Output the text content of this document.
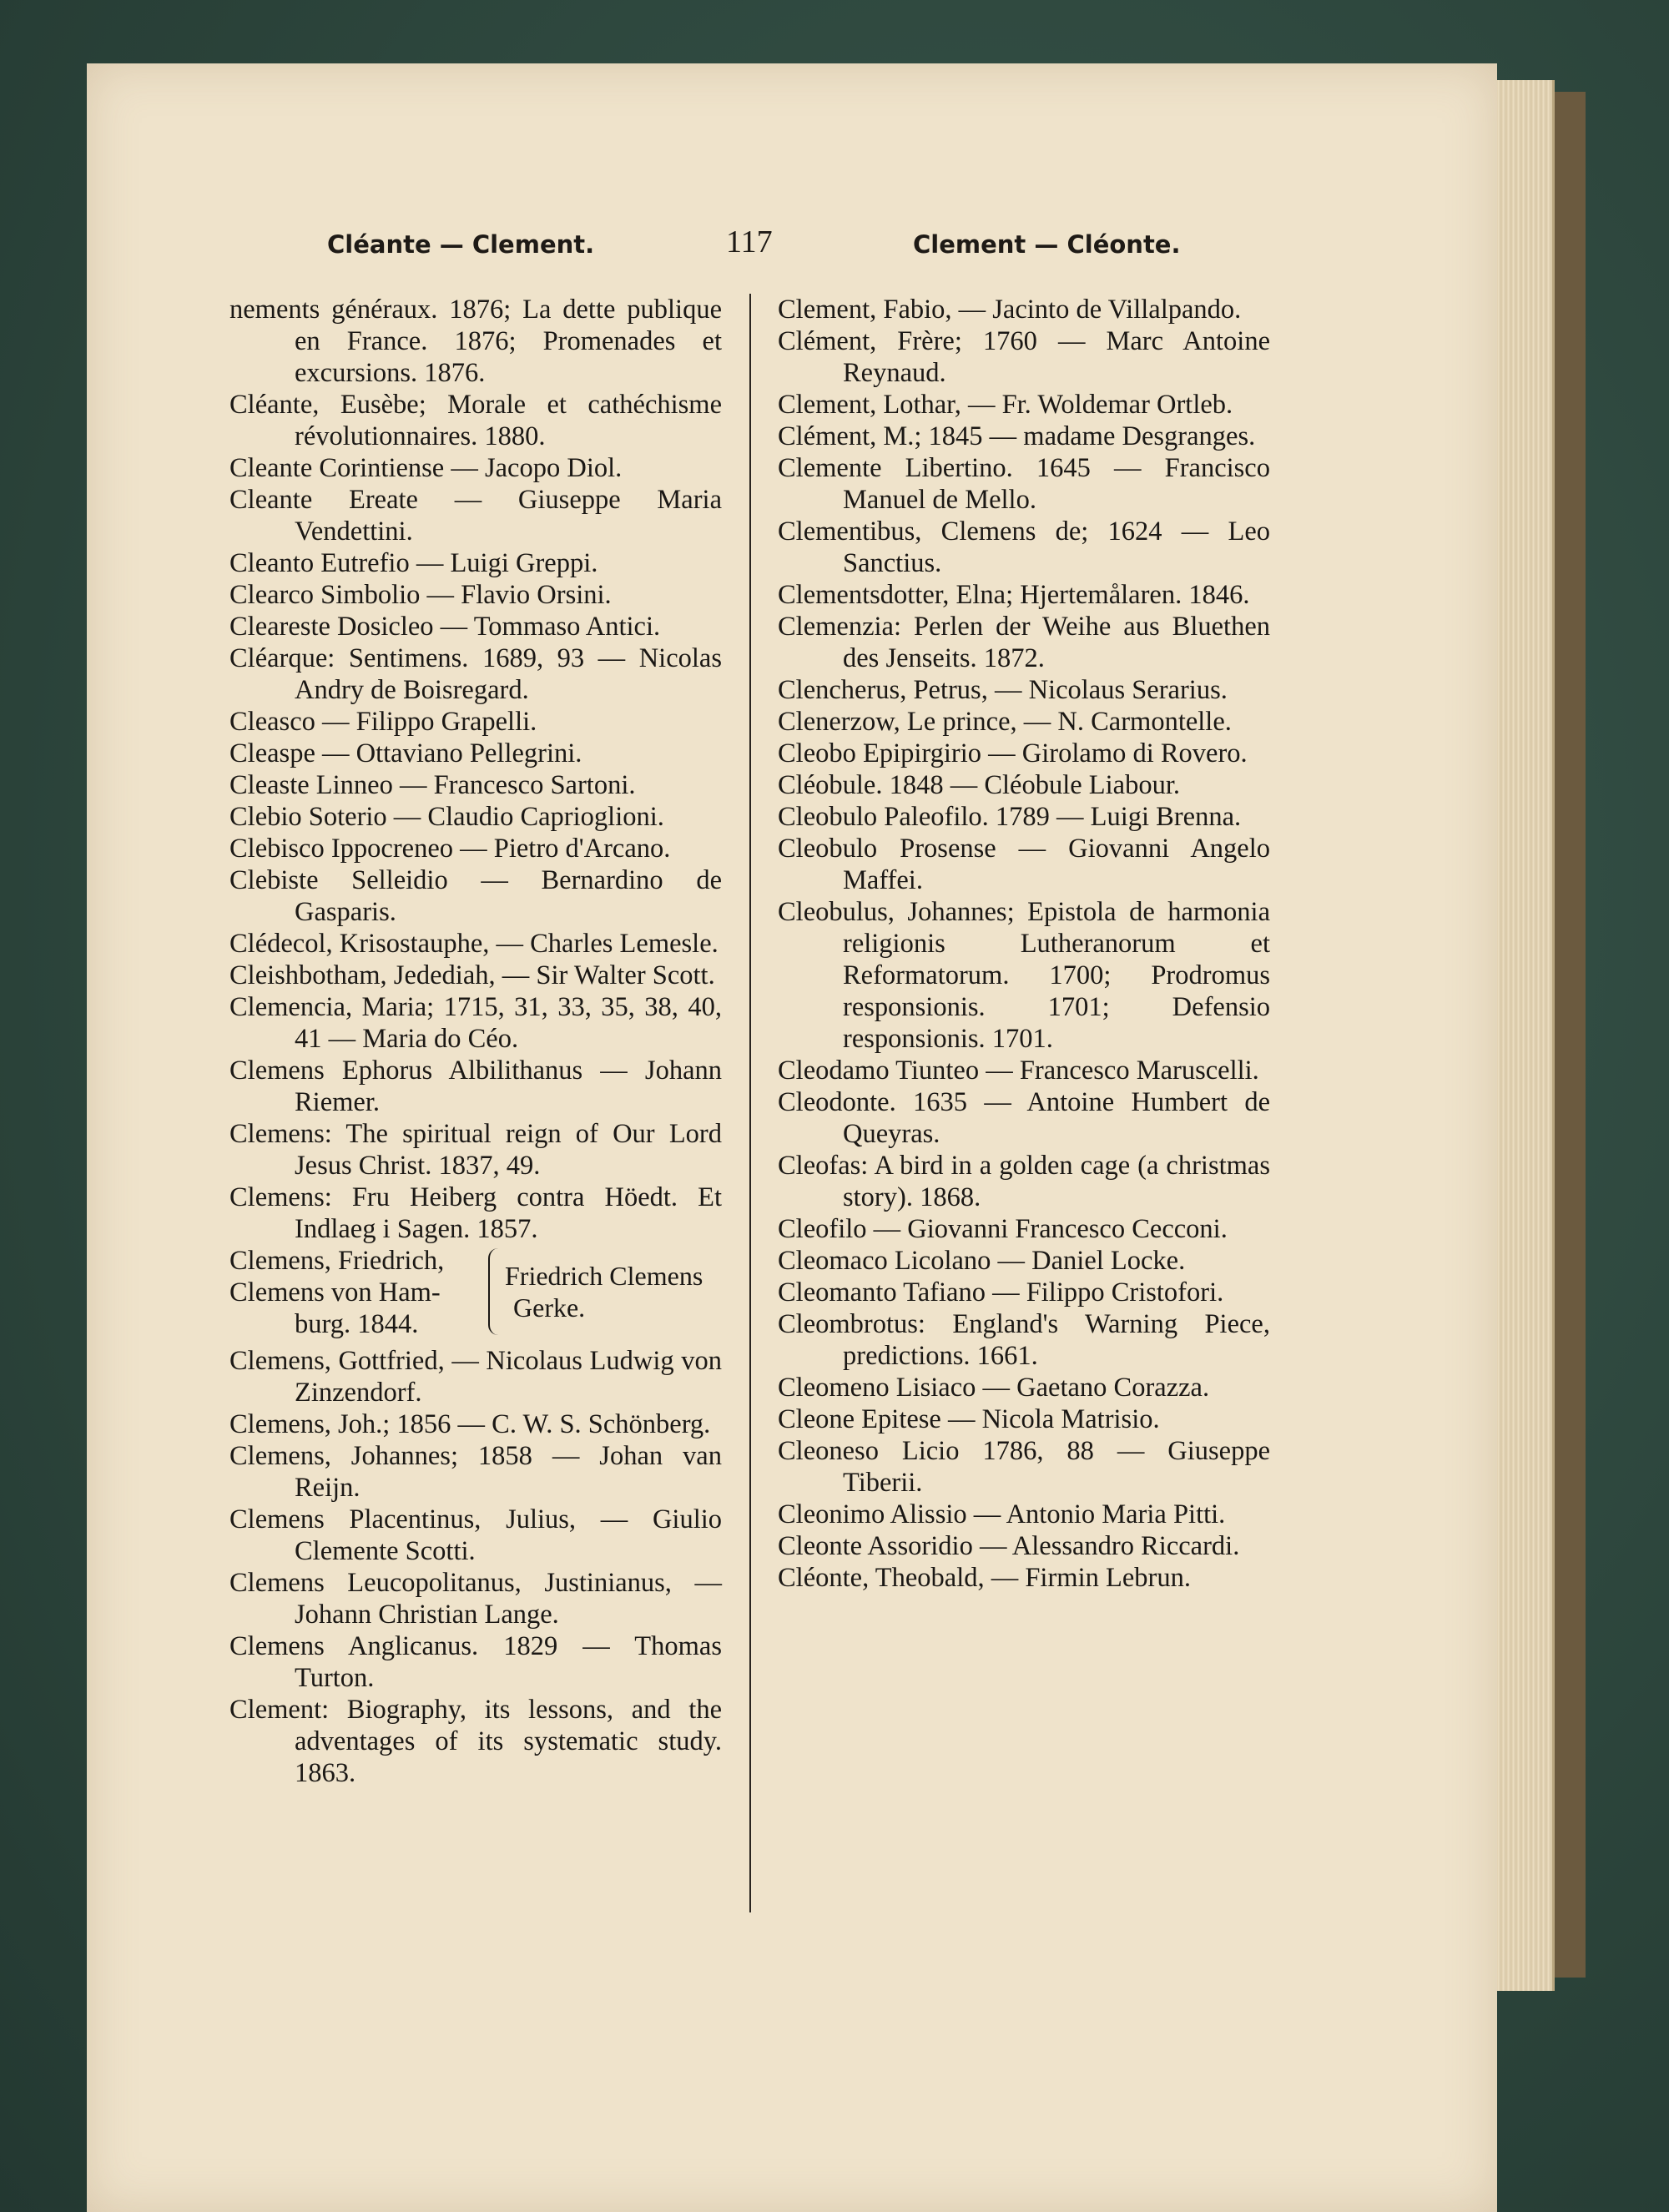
Cléante — Clement.	117	Clement — Cléonte.

nements généraux. 1876; La dette publique en France. 1876; Promenades et excursions. 1876.

Cléante, Eusèbe; Morale et cathéchisme révolutionnaires. 1880.

Cleante Corintiense — Jacopo Diol.

Cleante Ereate — Giuseppe Maria Vendettini.

Cleanto Eutrefio — Luigi Greppi.

Clearco Simbolio — Flavio Orsini.

Cleareste Dosicleo — Tommaso Antici.

Cléarque: Sentimens. 1689, 93 — Nicolas Andry de Boisregard.

Cleasco — Filippo Grapelli.

Cleaspe — Ottaviano Pellegrini.

Cleaste Linneo — Francesco Sartoni.

Clebio Soterio — Claudio Caprioglioni.

Clebisco Ippocreneo — Pietro d'Arcano.

Clebiste Selleidio — Bernardino de Gasparis.

Clédecol, Krisostauphe, — Charles Lemesle.

Cleishbotham, Jedediah, — Sir Walter Scott.

Clemencia, Maria; 1715, 31, 33, 35, 38, 40, 41 — Maria do Céo.

Clemens Ephorus Albilithanus — Johann Riemer.

Clemens: The spiritual reign of Our Lord Jesus Christ. 1837, 49.

Clemens: Fru Heiberg contra Höedt. Et Indlaeg i Sagen. 1857.

Clemens, Friedrich,
Clemens von Ham-
burg. 1844.
Friedrich Clemens
Gerke.

Clemens, Gottfried, — Nicolaus Ludwig von Zinzendorf.

Clemens, Joh.; 1856 — C. W. S. Schönberg.

Clemens, Johannes; 1858 — Johan van Reijn.

Clemens Placentinus, Julius, — Giulio Clemente Scotti.

Clemens Leucopolitanus, Justinianus, — Johann Christian Lange.

Clemens Anglicanus. 1829 — Thomas Turton.

Clement: Biography, its lessons, and the adventages of its systematic study. 1863.

Clement, Fabio, — Jacinto de Villalpando.

Clément, Frère; 1760 — Marc Antoine Reynaud.

Clement, Lothar, — Fr. Woldemar Ortleb.

Clément, M.; 1845 — madame Desgranges.

Clemente Libertino. 1645 — Francisco Manuel de Mello.

Clementibus, Clemens de; 1624 — Leo Sanctius.

Clementsdotter, Elna; Hjertemålaren. 1846.

Clemenzia: Perlen der Weihe aus Bluethen des Jenseits. 1872.

Clencherus, Petrus, — Nicolaus Serarius.

Clenerzow, Le prince, — N. Carmontelle.

Cleobo Epipirgirio — Girolamo di Rovero.

Cléobule. 1848 — Cléobule Liabour.

Cleobulo Paleofilo. 1789 — Luigi Brenna.

Cleobulo Prosense — Giovanni Angelo Maffei.

Cleobulus, Johannes; Epistola de harmonia religionis Lutheranorum et Reformatorum. 1700; Prodromus responsionis. 1701; Defensio responsionis. 1701.

Cleodamo Tiunteo — Francesco Maruscelli.

Cleodonte. 1635 — Antoine Humbert de Queyras.

Cleofas: A bird in a golden cage (a christmas story). 1868.

Cleofilo — Giovanni Francesco Cecconi.

Cleomaco Licolano — Daniel Locke.

Cleomanto Tafiano — Filippo Cristofori.

Cleombrotus: England's Warning Piece, predictions. 1661.

Cleomeno Lisiaco — Gaetano Corazza.

Cleone Epitese — Nicola Matrisio.

Cleoneso Licio 1786, 88 — Giuseppe Tiberii.

Cleonimo Alissio — Antonio Maria Pitti.

Cleonte Assoridio — Alessandro Riccardi.

Cléonte, Theobald, — Firmin Lebrun.
